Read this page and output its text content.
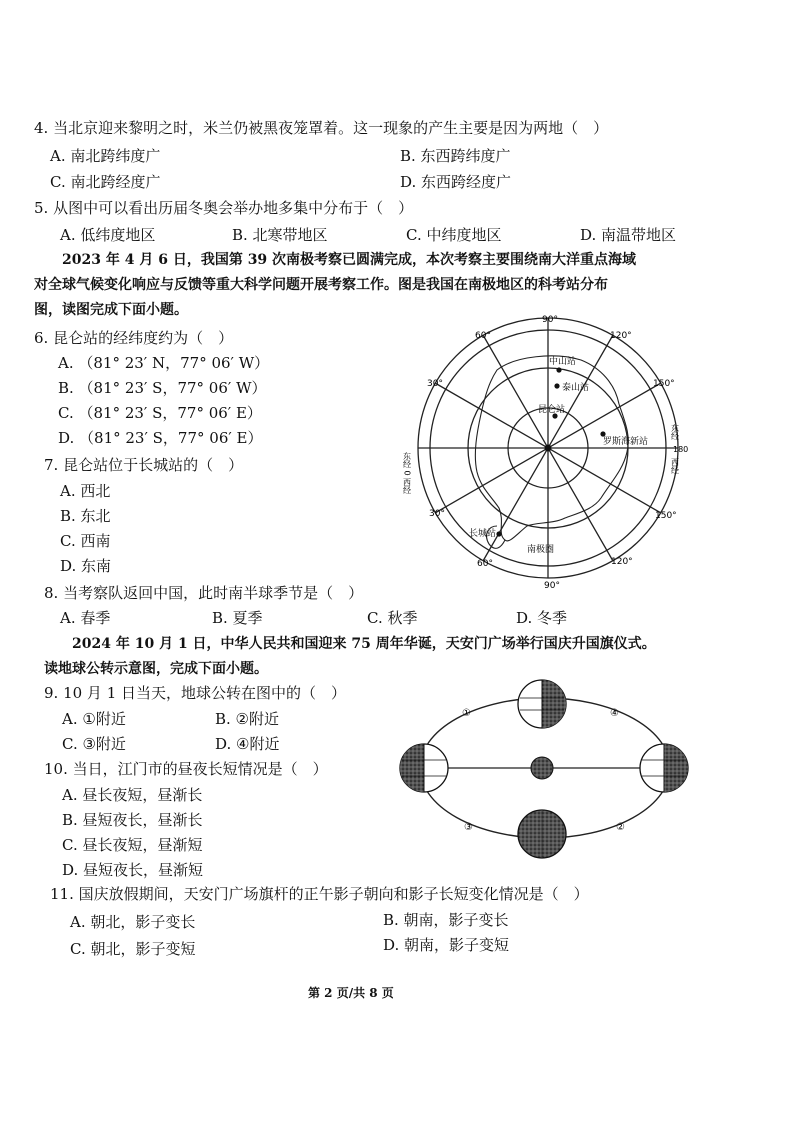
4. 当北京迎来黎明之时，米兰仍被黑夜笼罩着。这一现象的产生主要是因为两地（　）
A. 南北跨纬度广	B. 东西跨纬度广
C. 南北跨经度广	D. 东西跨经度广
5. 从图中可以看出历届冬奥会举办地多集中分布于（　）
A. 低纬度地区	B. 北寒带地区	C. 中纬度地区	D. 南温带地区
　　2023 年 4 月 6 日，我国第 39 次南极考察已圆满完成，本次考察主要围绕南大洋重点海域
对全球气候变化响应与反馈等重大科学问题开展考察工作。图是我国在南极地区的科考站分布
图，读图完成下面小题。
6. 昆仑站的经纬度约为（　）
A. （81° 23′ N，77° 06′ W）
B. （81° 23′ S，77° 06′ W）
C. （81° 23′ S，77° 06′ E）
D. （81° 23′ S，77° 06′ E）
7. 昆仑站位于长城站的（　）
A. 西北
B. 东北
C. 西南
D. 东南
90°
60°	120°
30°	150°
30°	150°
60°	120°
90°
东经 0 西经
东经
180
西经
中山站
泰山站
昆仑站
罗斯海新站
长城站
南极圈
8. 当考察队返回中国，此时南半球季节是（　）
A. 春季	B. 夏季	C. 秋季	D. 冬季
　　2024 年 10 月 1 日，中华人民共和国迎来 75 周年华诞，天安门广场举行国庆升国旗仪式。
读地球公转示意图，完成下面小题。
9. 10 月 1 日当天，地球公转在图中的（　）
A. ①附近	B. ②附近
C. ③附近	D. ④附近
10. 当日，江门市的昼夜长短情况是（　）
A. 昼长夜短，昼渐长
B. 昼短夜长，昼渐长
C. 昼长夜短，昼渐短
D. 昼短夜长，昼渐短
①	④
③	②
11. 国庆放假期间，天安门广场旗杆的正午影子朝向和影子长短变化情况是（　）
A. 朝北，影子变长	B. 朝南，影子变长
C. 朝北，影子变短	D. 朝南，影子变短
第 2 页/共 8 页
